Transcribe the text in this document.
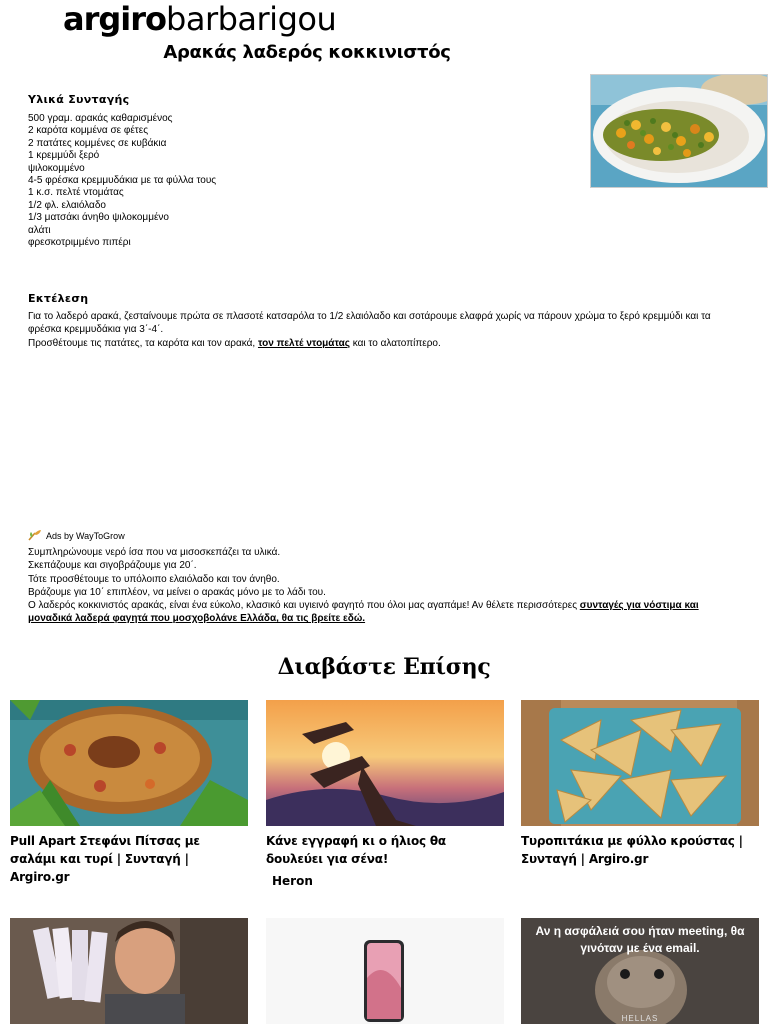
argiro barbarigou
Αρακάς λαδερός κοκκινιστός
Υλικά Συνταγής
500 γραμ. αρακάς καθαρισμένος
2 καρότα κομμένα σε φέτες
2 πατάτες κομμένες σε κυβάκια
1 κρεμμύδι ξερό
ψιλοκομμένο
4-5 φρέσκα κρεμμυδάκια με τα φύλλα τους
1 κ.σ. πελτέ ντομάτας
1/2 φλ. ελαιόλαδο
1/3 ματσάκι άνηθο ψιλοκομμένο
αλάτι
φρεσκοτριμμένο πιπέρι
Εκτέλεση

Για το λαδερό αρακά, ζεσταίνουμε πρώτα σε πλασοτέ κατσαρόλα το 1/2 ελαιόλαδο και σοτάρουμε ελαφρά χωρίς να πάρουν χρώμα το ξερό κρεμμύδι και τα φρέσκα κρεμμυδάκια για 3΄-4΄.

Προσθέτουμε τις πατάτες, τα καρότα και τον αρακά, τον πελτέ ντομάτας και το αλατοπίπερο.

Ads by WayToGrow

Συμπληρώνουμε νερό ίσα που να μισοσκεπάζει τα υλικά.

Σκεπάζουμε και σιγοβράζουμε για 20΄.

Τότε προσθέτουμε το υπόλοιπο ελαιόλαδο και τον άνηθο.

Βράζουμε για 10΄ επιπλέον, να μείνει ο αρακάς μόνο με το λάδι του.

Ο λαδερός κοκκινιστός αρακάς, είναι ένα εύκολο, κλασικό και υγιεινό φαγητό που όλοι μας αγαπάμε! Αν θέλετε περισσότερες συνταγές για νόστιμα και μοναδικά λαδερά φαγητά που μοσχοβολάνε Ελλάδα, θα τις βρείτε εδώ.

Διαβάστε Επίσης
Pull Apart Στεφάνι Πίτσας με σαλάμι και τυρί | Συνταγή | Argiro.gr
Κάνε εγγραφή κι ο ήλιος θα δουλεύει για σένα!
Heron
Τυροπιτάκια με φύλλο κρούστας | Συνταγή | Argiro.gr
Αν η ασφάλειά σου ήταν meeting, θα γινόταν με ένα email.
HELLAS
